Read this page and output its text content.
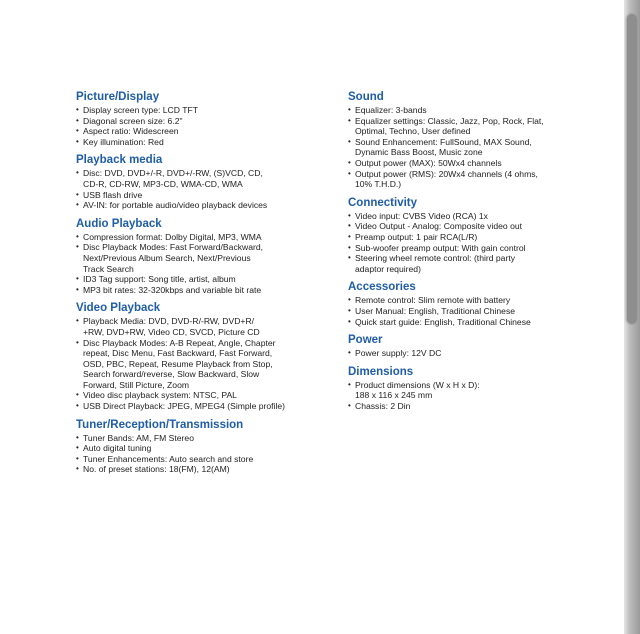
Picture/Display
• Display screen type: LCD TFT
• Diagonal screen size: 6.2"
• Aspect ratio: Widescreen
• Key illumination: Red
Playback media
• Disc: DVD, DVD+/-R, DVD+/-RW, (S)VCD, CD,
CD-R, CD-RW, MP3-CD, WMA-CD, WMA
• USB flash drive
• AV-IN: for portable audio/video playback devices
Audio Playback
• Compression format: Dolby Digital, MP3, WMA
• Disc Playback Modes: Fast Forward/Backward,
Next/Previous Album Search, Next/Previous
Track Search
• ID3 Tag support: Song title, artist, album
• MP3 bit rates: 32-320kbps and variable bit rate
Video Playback
• Playback Media: DVD, DVD-R/-RW, DVD+R/
+RW, DVD+RW, Video CD, SVCD, Picture CD
• Disc Playback Modes: A-B Repeat, Angle, Chapter
repeat, Disc Menu, Fast Backward, Fast Forward,
OSD, PBC, Repeat, Resume Playback from Stop,
Search forward/reverse, Slow Backward, Slow
Forward, Still Picture, Zoom
• Video disc playback system: NTSC, PAL
• USB Direct Playback: JPEG, MPEG4 (Simple profile)
Tuner/Reception/Transmission
• Tuner Bands: AM, FM Stereo
• Auto digital tuning
• Tuner Enhancements: Auto search and store
• No. of preset stations: 18(FM), 12(AM)
Sound
• Equalizer: 3-bands
• Equalizer settings: Classic, Jazz, Pop, Rock, Flat,
Optimal, Techno, User defined
• Sound Enhancement: FullSound, MAX Sound,
Dynamic Bass Boost, Music zone
• Output power (MAX): 50Wx4 channels
• Output power (RMS): 20Wx4 channels (4 ohms,
10% T.H.D.)
Connectivity
• Video input: CVBS Video (RCA) 1x
• Video Output - Analog: Composite video out
• Preamp output: 1 pair RCA(L/R)
• Sub-woofer preamp output: With gain control
• Steering wheel remote control: (third party
adaptor required)
Accessories
• Remote control: Slim remote with battery
• User Manual: English, Traditional Chinese
• Quick start guide: English, Traditional Chinese
Power
• Power supply: 12V DC
Dimensions
• Product dimensions (W x H x D):
188 x 116 x 245 mm
• Chassis: 2 Din
